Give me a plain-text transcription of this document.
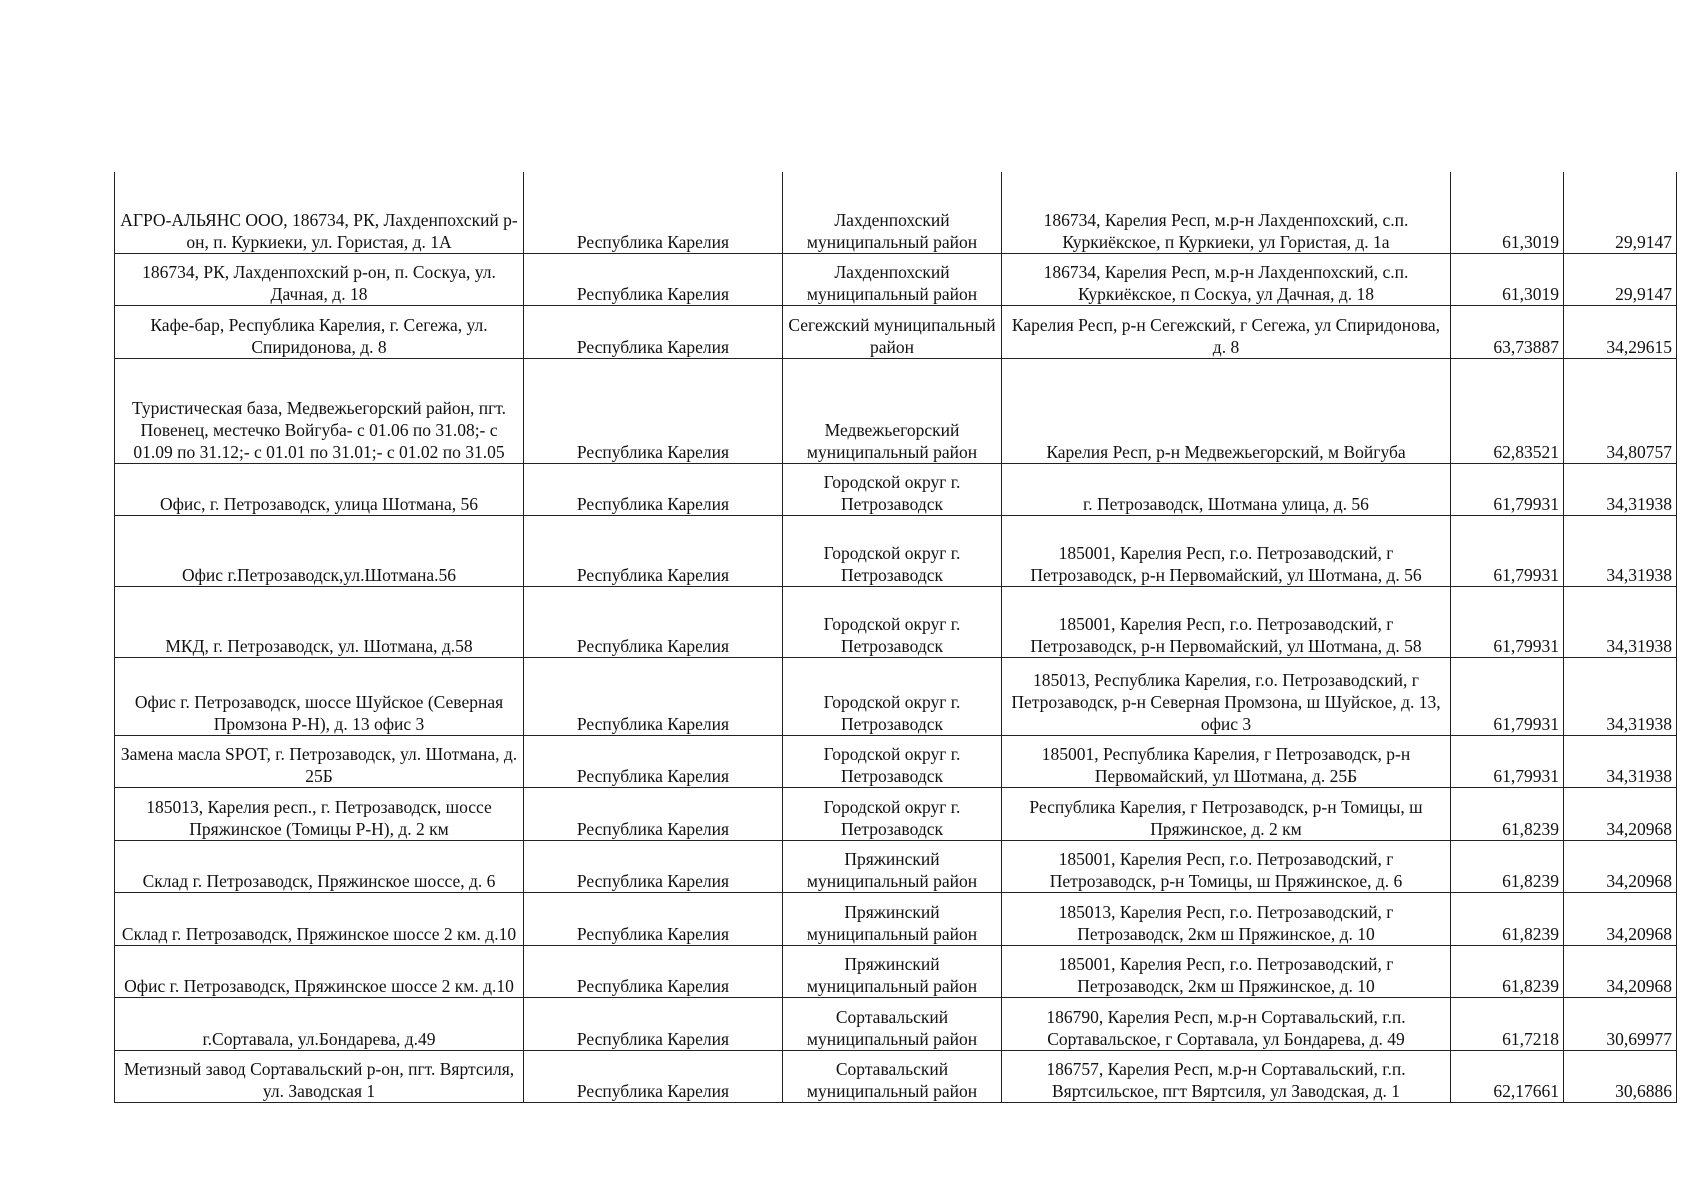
АГРО-АЛЬЯНС ООО, 186734, РК, Лахденпохский р-он, п. Куркиеки, ул. Гористая, д. 1А	Республика Карелия	Лахденпохский муниципальный район	186734, Карелия Респ, м.р-н Лахденпохский, с.п. Куркиёкское, п Куркиеки, ул Гористая, д. 1а	61,3019	29,9147
186734, РК, Лахденпохский р-он, п. Соскуа, ул. Дачная, д. 18	Республика Карелия	Лахденпохский муниципальный район	186734, Карелия Респ, м.р-н Лахденпохский, с.п. Куркиёкское, п Соскуа, ул Дачная, д. 18	61,3019	29,9147
Кафе-бар, Республика Карелия, г. Сегежа, ул. Спиридонова, д. 8	Республика Карелия	Сегежский муниципальный район	Карелия Респ, р-н Сегежский, г Сегежа, ул Спиридонова, д. 8	63,73887	34,29615
Туристическая база, Медвежьегорский район, пгт. Повенец, местечко Войгуба- с 01.06 по 31.08;- с 01.09 по 31.12;- с 01.01 по 31.01;- с 01.02 по 31.05	Республика Карелия	Медвежьегорский муниципальный район	Карелия Респ, р-н Медвежьегорский, м Войгуба	62,83521	34,80757
Офис, г. Петрозаводск, улица Шотмана, 56	Республика Карелия	Городской округ г. Петрозаводск	г. Петрозаводск, Шотмана улица, д. 56	61,79931	34,31938
Офис г.Петрозаводск,ул.Шотмана.56	Республика Карелия	Городской округ г. Петрозаводск	185001, Карелия Респ, г.о. Петрозаводский, г Петрозаводск, р-н Первомайский, ул Шотмана, д. 56	61,79931	34,31938
МКД, г. Петрозаводск, ул. Шотмана, д.58	Республика Карелия	Городской округ г. Петрозаводск	185001, Карелия Респ, г.о. Петрозаводский, г Петрозаводск, р-н Первомайский, ул Шотмана, д. 58	61,79931	34,31938
Офис г. Петрозаводск, шоссе Шуйское (Северная Промзона Р-Н), д. 13 офис 3	Республика Карелия	Городской округ г. Петрозаводск	185013, Республика Карелия, г.о. Петрозаводский, г Петрозаводск, р-н Северная Промзона, ш Шуйское, д. 13, офис 3	61,79931	34,31938
Замена масла SPOT, г. Петрозаводск, ул. Шотмана, д. 25Б	Республика Карелия	Городской округ г. Петрозаводск	185001, Республика Карелия, г Петрозаводск, р-н Первомайский, ул Шотмана, д. 25Б	61,79931	34,31938
185013, Карелия респ., г. Петрозаводск, шоссе Пряжинское (Томицы Р-Н), д. 2 км	Республика Карелия	Городской округ г. Петрозаводск	Республика Карелия, г Петрозаводск, р-н Томицы, ш Пряжинское, д. 2 км	61,8239	34,20968
Склад г. Петрозаводск, Пряжинское шоссе, д. 6	Республика Карелия	Пряжинский муниципальный район	185001, Карелия Респ, г.о. Петрозаводский, г Петрозаводск, р-н Томицы, ш Пряжинское, д. 6	61,8239	34,20968
Склад г. Петрозаводск, Пряжинское шоссе 2 км. д.10	Республика Карелия	Пряжинский муниципальный район	185013, Карелия Респ, г.о. Петрозаводский, г Петрозаводск, 2км ш Пряжинское, д. 10	61,8239	34,20968
Офис г. Петрозаводск, Пряжинское шоссе 2 км. д.10	Республика Карелия	Пряжинский муниципальный район	185001, Карелия Респ, г.о. Петрозаводский, г Петрозаводск, 2км ш Пряжинское, д. 10	61,8239	34,20968
г.Сортавала, ул.Бондарева, д.49	Республика Карелия	Сортавальский муниципальный район	186790, Карелия Респ, м.р-н Сортавальский, г.п. Сортавальское, г Сортавала, ул Бондарева, д. 49	61,7218	30,69977
Метизный завод Сортавальский р-он, пгт. Вяртсиля, ул. Заводская 1	Республика Карелия	Сортавальский муниципальный район	186757, Карелия Респ, м.р-н Сортавальский, г.п. Вяртсильское, пгт Вяртсиля, ул Заводская, д. 1	62,17661	30,6886
